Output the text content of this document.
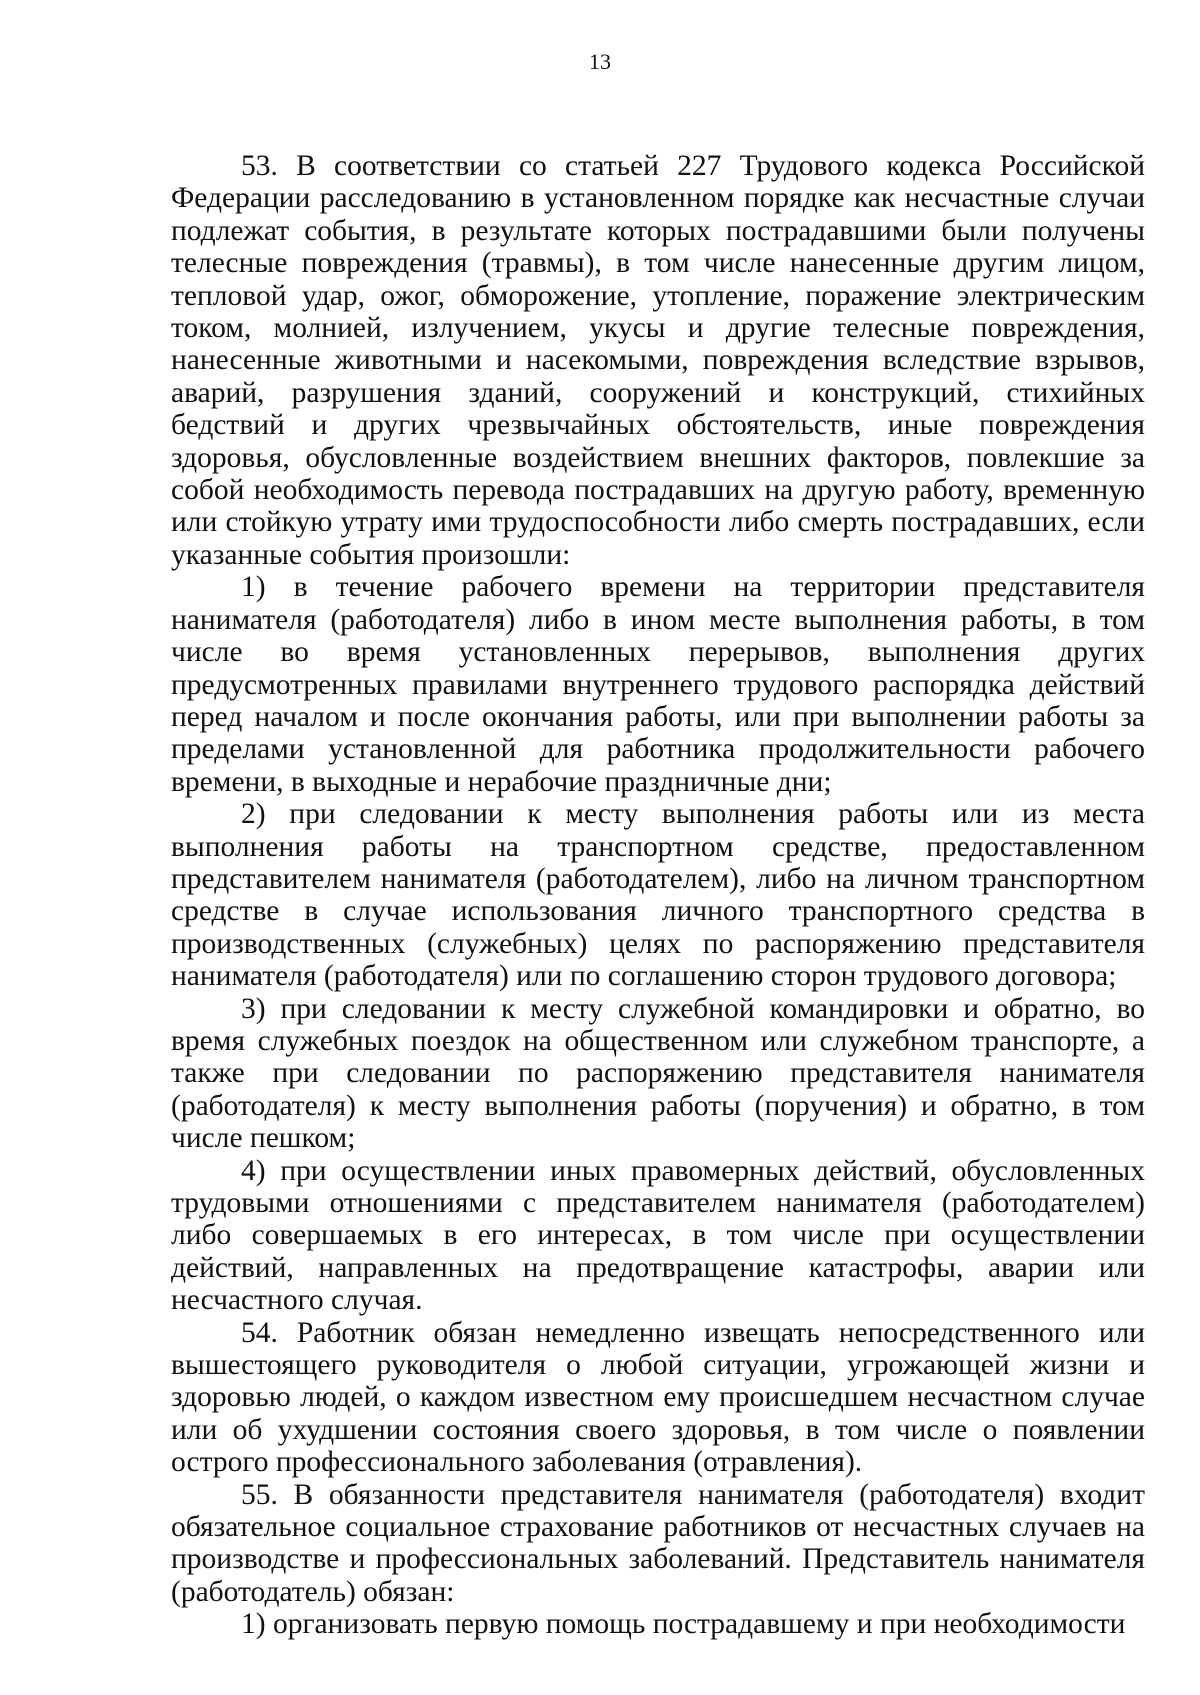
13

53. В соответствии со статьей 227 Трудового кодекса Российской Федерации расследованию в установленном порядке как несчастные случаи подлежат события, в результате которых пострадавшими были получены телесные повреждения (травмы), в том числе нанесенные другим лицом, тепловой удар, ожог, обморожение, утопление, поражение электрическим током, молнией, излучением, укусы и другие телесные повреждения, нанесенные животными и насекомыми, повреждения вследствие взрывов, аварий, разрушения зданий, сооружений и конструкций, стихийных бедствий и других чрезвычайных обстоятельств, иные повреждения здоровья, обусловленные воздействием внешних факторов, повлекшие за собой необходимость перевода пострадавших на другую работу, временную или стойкую утрату ими трудоспособности либо смерть пострадавших, если указанные события произошли:

1) в течение рабочего времени на территории представителя нанимателя (работодателя) либо в ином месте выполнения работы, в том числе во время установленных перерывов, выполнения других предусмотренных правилами внутреннего трудового распорядка действий перед началом и после окончания работы, или при выполнении работы за пределами установленной для работника продолжительности рабочего времени, в выходные и нерабочие праздничные дни;

2) при следовании к месту выполнения работы или из места выполнения работы на транспортном средстве, предоставленном представителем нанимателя (работодателем), либо на личном транспортном средстве в случае использования личного транспортного средства в производственных (служебных) целях по распоряжению представителя нанимателя (работодателя) или по соглашению сторон трудового договора;

3) при следовании к месту служебной командировки и обратно, во время служебных поездок на общественном или служебном транспорте, а также при следовании по распоряжению представителя нанимателя (работодателя) к месту выполнения работы (поручения) и обратно, в том числе пешком;

4) при осуществлении иных правомерных действий, обусловленных трудовыми отношениями с представителем нанимателя (работодателем) либо совершаемых в его интересах, в том числе при осуществлении действий, направленных на предотвращение катастрофы, аварии или несчастного случая.

54. Работник обязан немедленно извещать непосредственного или вышестоящего руководителя о любой ситуации, угрожающей жизни и здоровью людей, о каждом известном ему происшедшем несчастном случае или об ухудшении состояния своего здоровья, в том числе о появлении острого профессионального заболевания (отравления).

55. В обязанности представителя нанимателя (работодателя) входит обязательное социальное страхование работников от несчастных случаев на производстве и профессиональных заболеваний. Представитель нанимателя (работодатель) обязан:

1) организовать первую помощь пострадавшему и при необходимости
